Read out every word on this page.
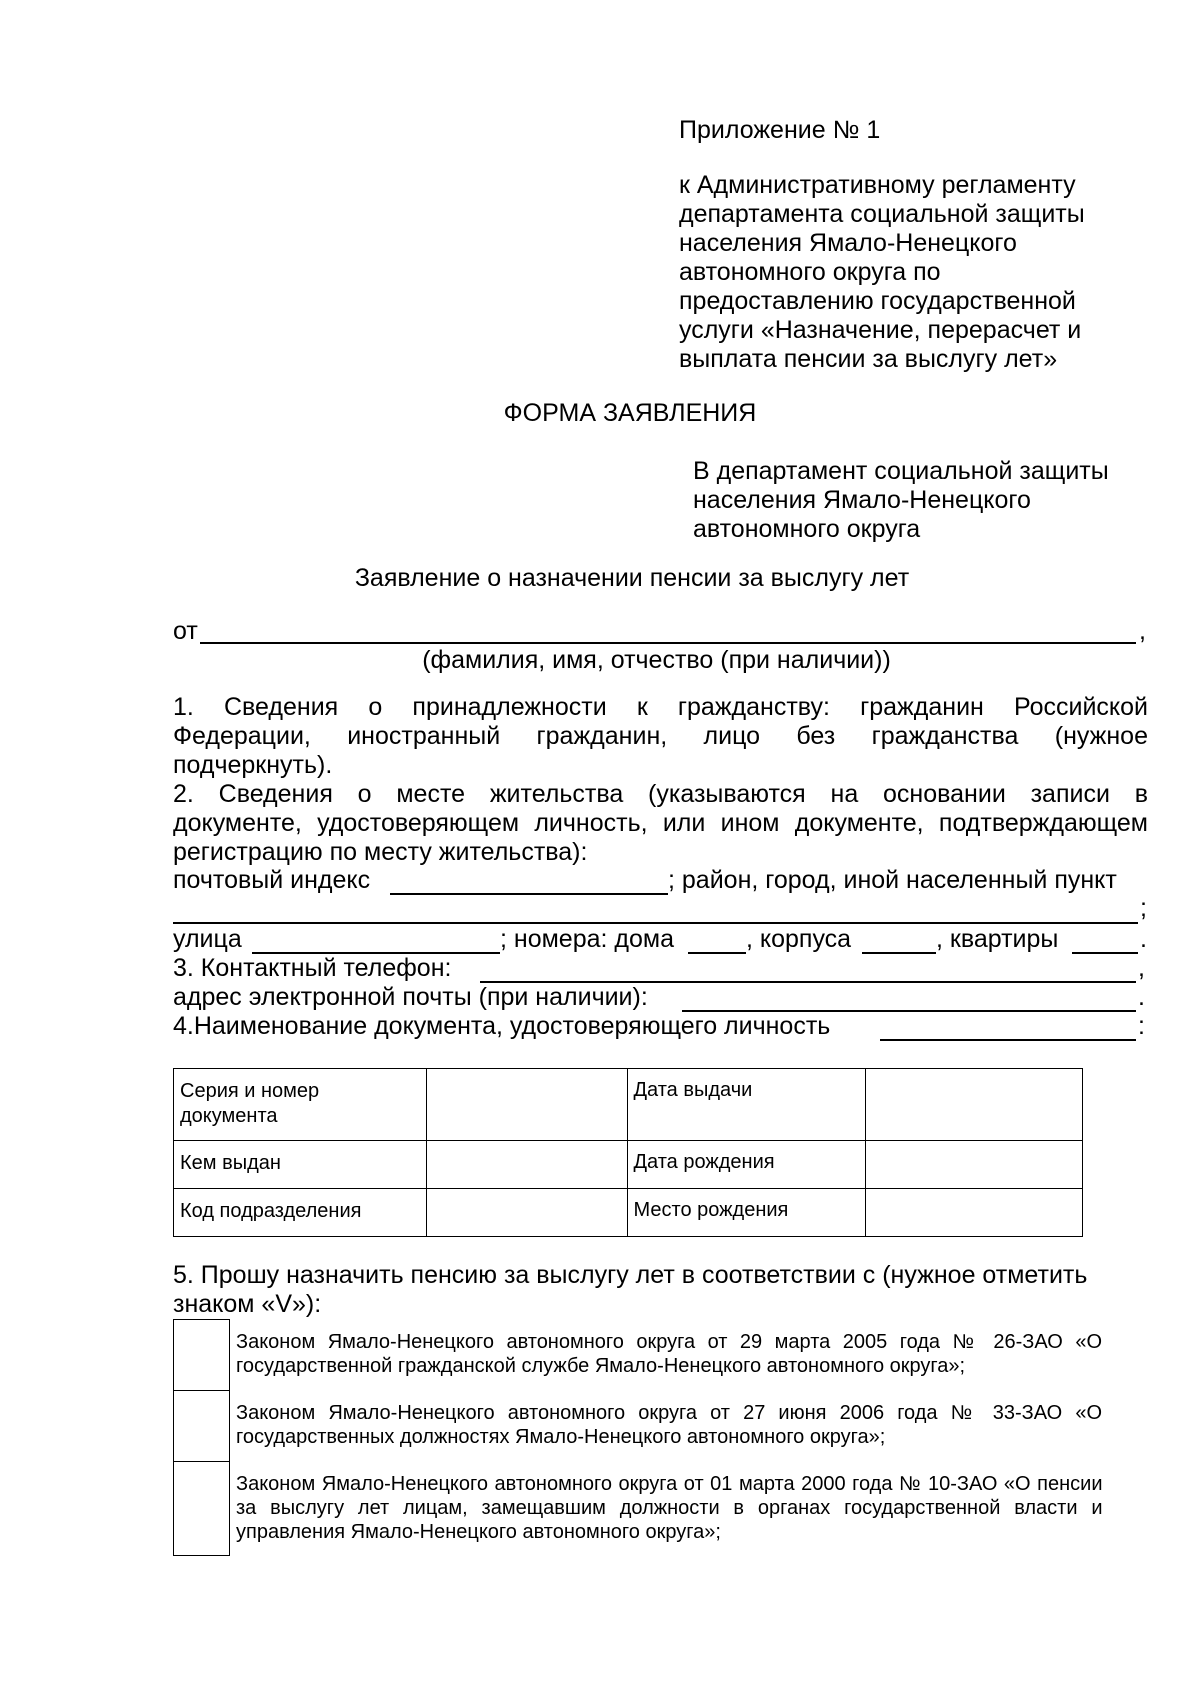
Приложение № 1

к Административному регламенту
департамента социальной защиты
населения Ямало-Ненецкого
автономного округа по
предоставлению государственной
услуги «Назначение, перерасчет и
выплата пенсии за выслугу лет»

ФОРМА ЗАЯВЛЕНИЯ

В департамент социальной защиты
населения Ямало-Ненецкого
автономного округа

Заявление о назначении пенсии за выслугу лет

от	,

(фамилия, имя, отчество (при наличии))

1. Сведения о принадлежности к гражданству: гражданин Российской
Федерации, иностранный гражданин, лицо без гражданства (нужное
подчеркнуть).
2. Сведения о месте жительства (указываются на основании записи в
документе, удостоверяющем личность, или ином документе, подтверждающем
регистрацию по месту жительства):
почтовый индекс	; район, город, иной населенный пункт
;
улица	; номера: дома	, корпуса	, квартиры	.
3. Контактный телефон:	,
адрес электронной почты (при наличии):	.
4.Наименование документа, удостоверяющего личность	:
Серия и номер документа		Дата выдачи	
Кем выдан		Дата рождения	
Код подразделения		Место рождения	
5. Прошу назначить пенсию за выслугу лет в соответствии с (нужное отметить
знаком «V»):
	Законом Ямало-Ненецкого автономного округа от 29 марта 2005 года № 26-ЗАО «О государственной гражданской службе Ямало-Ненецкого автономного округа»;
	Законом Ямало-Ненецкого автономного округа от 27 июня 2006 года № 33-ЗАО «О государственных должностях Ямало-Ненецкого автономного округа»;
	Законом Ямало-Ненецкого автономного округа от 01 марта 2000 года № 10-ЗАО «О пенсии за выслугу лет лицам, замещавшим должности в органах государственной власти и управления Ямало-Ненецкого автономного округа»;
